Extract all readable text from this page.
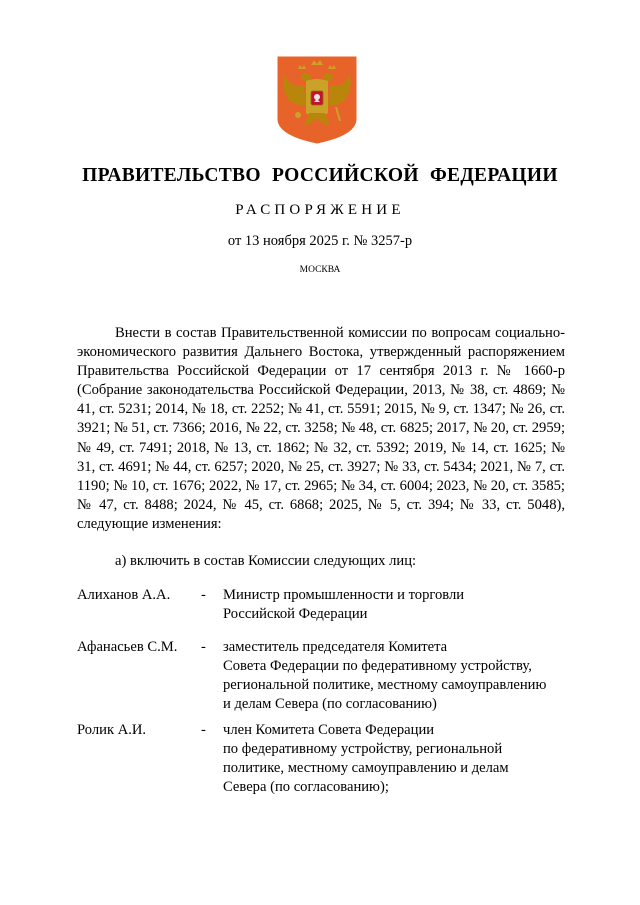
ПРАВИТЕЛЬСТВО РОССИЙСКОЙ ФЕДЕРАЦИИ
РАСПОРЯЖЕНИЕ
от 13 ноября 2025 г. № 3257-р
МОСКВА

Внести в состав Правительственной комиссии по вопросам социально-экономического развития Дальнего Востока, утвержденный распоряжением Правительства Российской Федерации от 17 сентября 2013 г. № 1660-р (Собрание законодательства Российской Федерации, 2013, № 38, ст. 4869; № 41, ст. 5231; 2014, № 18, ст. 2252; № 41, ст. 5591; 2015, № 9, ст. 1347; № 26, ст. 3921; № 51, ст. 7366; 2016, № 22, ст. 3258; № 48, ст. 6825; 2017, № 20, ст. 2959; № 49, ст. 7491; 2018, № 13, ст. 1862; № 32, ст. 5392; 2019, № 14, ст. 1625; № 31, ст. 4691; № 44, ст. 6257; 2020, № 25, ст. 3927; № 33, ст. 5434; 2021, № 7, ст. 1190; № 10, ст. 1676; 2022, № 17, ст. 2965; № 34, ст. 6004; 2023, № 20, ст. 3585; № 47, ст. 8488; 2024, № 45, ст. 6868; 2025, № 5, ст. 394; № 33, ст. 5048), следующие изменения:

а) включить в состав Комиссии следующих лиц:

Алиханов А.А. - Министр промышленности и торговли
Российской Федерации
Афанасьев С.М. - заместитель председателя Комитета
Совета Федерации по федеративному устройству,
региональной политике, местному самоуправлению
и делам Севера (по согласованию)
Ролик А.И.	- член Комитета Совета Федерации
по федеративному устройству, региональной
политике, местному самоуправлению и делам
Севера (по согласованию);
